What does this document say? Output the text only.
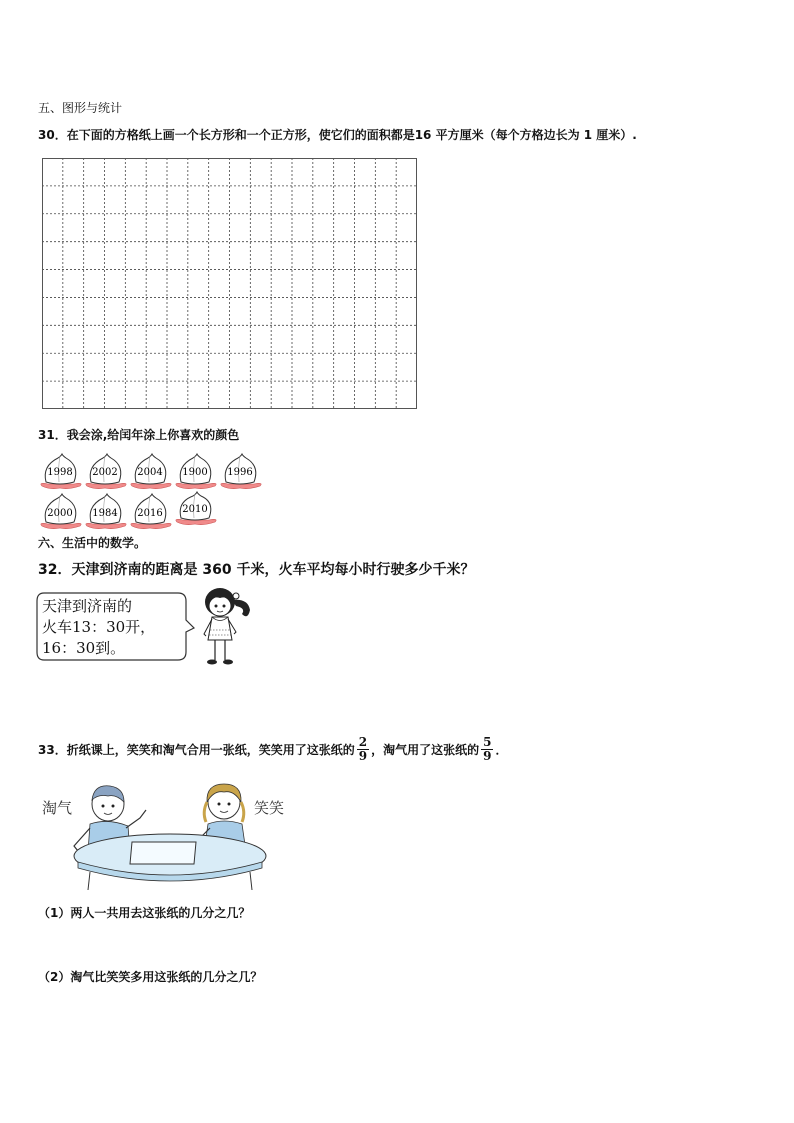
五、图形与统计
30．在下面的方格纸上画一个长方形和一个正方形，使它们的面积都是16 平方厘米（每个方格边长为 1 厘米）.
31．我会涂,给闰年涂上你喜欢的颜色
1998 2002 2004 1900 1996
2000 1984 2016 2010
六、生活中的数学。
32．天津到济南的距离是 360 千米，火车平均每小时行驶多少千米？
天津到济南的
火车13：30开，
16：30到。
33．折纸课上，笑笑和淘气合用一张纸，笑笑用了这张纸的 $\frac{2}{9}$ ，淘气用了这张纸的 $\frac{5}{9}$ ．
淘气	笑笑
（1）两人一共用去这张纸的几分之几？
（2）淘气比笑笑多用这张纸的几分之几？
